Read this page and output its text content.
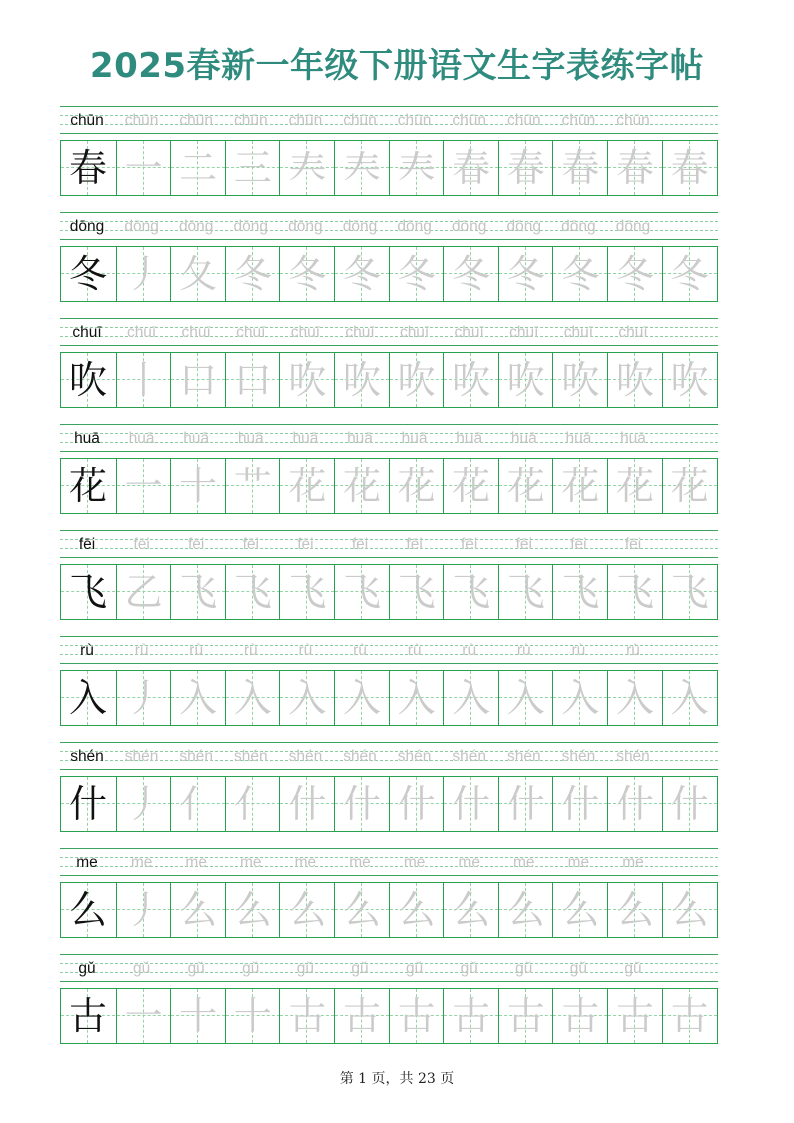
2025春新一年级下册语文生字表练字帖
chūn	chūn	chūn	chūn	chūn	chūn	chūn	chūn	chūn	chūn	chūn
春 一 二 三 𡗗 𡗗 𡗗 春 春 春 春 春
dōng	dōng	dōng	dōng	dōng	dōng	dōng	dōng	dōng	dōng	dōng
冬 丿 夂 冬 冬 冬 冬 冬 冬 冬 冬 冬
chuī	chuī	chuī	chuī	chuī	chuī	chuī	chuī	chuī	chuī	chuī
吹 丨 口 口 吹 吹 吹 吹 吹 吹 吹 吹
huā	huā	huā	huā	huā	huā	huā	huā	huā	huā	huā
花 一 十 艹 花 花 花 花 花 花 花 花
fēi	fēi	fēi	fēi	fēi	fēi	fēi	fēi	fēi	fēi	fēi
飞 乙 飞 飞 飞 飞 飞 飞 飞 飞 飞 飞
rù	rù	rù	rù	rù	rù	rù	rù	rù	rù	rù
入 丿 入 入 入 入 入 入 入 入 入 入
shén	shén	shén	shén	shén	shén	shén	shén	shén	shén	shén
什 丿 亻 亻 什 什 什 什 什 什 什 什
me	me	me	me	me	me	me	me	me	me	me
么 丿 么 么 么 么 么 么 么 么 么 么
gǔ	gǔ	gǔ	gǔ	gǔ	gǔ	gǔ	gǔ	gǔ	gǔ	gǔ
古 一 十 十 古 古 古 古 古 古 古 古
第 1 页，共 23 页
